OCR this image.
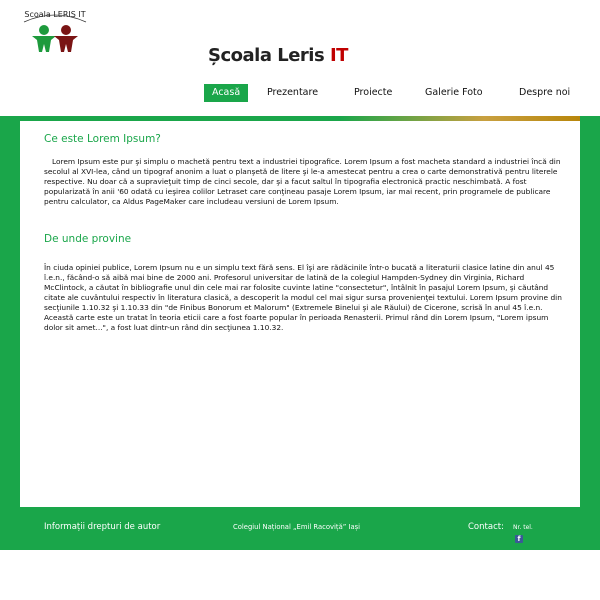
Scoala LERIS IT
Școala Leris IT
Acasă	Prezentare	Proiecte	Galerie Foto	Despre noi
Ce este Lorem Ipsum?
Lorem Ipsum este pur şi simplu o machetă pentru text a industriei tipografice. Lorem Ipsum a fost macheta standard a industriei încă din secolul al XVI-lea, când un tipograf anonim a luat o planşetă de litere şi le-a amestecat pentru a crea o carte demonstrativă pentru literele respective. Nu doar că a supravieţuit timp de cinci secole, dar şi a facut saltul în tipografia electronică practic neschimbată. A fost popularizată în anii '60 odată cu ieşirea colilor Letraset care conţineau pasaje Lorem Ipsum, iar mai recent, prin programele de publicare pentru calculator, ca Aldus PageMaker care includeau versiuni de Lorem Ipsum.
De unde provine
În ciuda opiniei publice, Lorem Ipsum nu e un simplu text fără sens. El îşi are rădăcinile într-o bucată a literaturii clasice latine din anul 45 î.e.n., făcând-o să aibă mai bine de 2000 ani. Profesorul universitar de latină de la colegiul Hampden-Sydney din Virginia, Richard McClintock, a căutat în bibliografie unul din cele mai rar folosite cuvinte latine "consectetur", întâlnit în pasajul Lorem Ipsum, şi căutând citate ale cuvântului respectiv în literatura clasică, a descoperit la modul cel mai sigur sursa provenienţei textului. Lorem Ipsum provine din secţiunile 1.10.32 şi 1.10.33 din "de Finibus Bonorum et Malorum" (Extremele Binelui şi ale Răului) de Cicerone, scrisă în anul 45 î.e.n. Această carte este un tratat în teoria eticii care a fost foarte popular în perioada Renasterii. Primul rând din Lorem Ipsum, "Lorem ipsum dolor sit amet...", a fost luat dintr-un rând din secţiunea 1.10.32.
Informații drepturi de autor	Colegiul Național „Emil Racoviță” Iași	Contact: Nr. tel.
f
